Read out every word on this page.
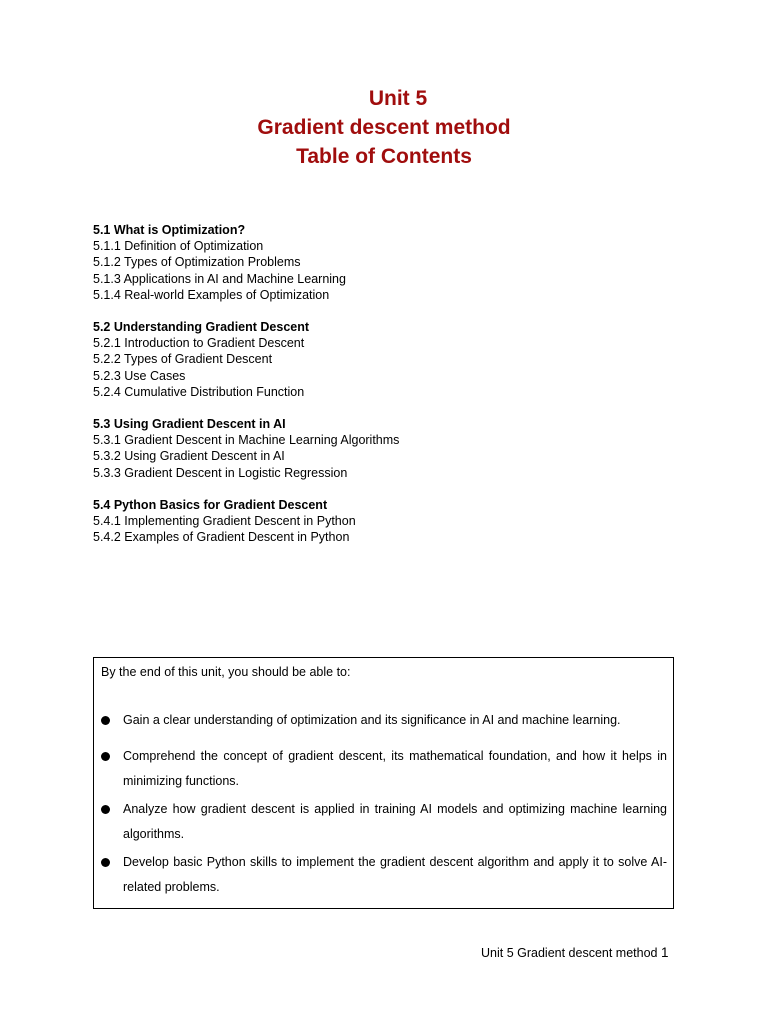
Unit 5
Gradient descent method
Table of Contents
5.1 What is Optimization?
5.1.1 Definition of Optimization
5.1.2 Types of Optimization Problems
5.1.3 Applications in AI and Machine Learning
5.1.4 Real-world Examples of Optimization
5.2 Understanding Gradient Descent
5.2.1 Introduction to Gradient Descent
5.2.2 Types of Gradient Descent
5.2.3 Use Cases
5.2.4 Cumulative Distribution Function
5.3 Using Gradient Descent in AI
5.3.1 Gradient Descent in Machine Learning Algorithms
5.3.2 Using Gradient Descent in AI
5.3.3 Gradient Descent in Logistic Regression
5.4 Python Basics for Gradient Descent
5.4.1 Implementing Gradient Descent in Python
5.4.2 Examples of Gradient Descent in Python
By the end of this unit, you should be able to:
Gain a clear understanding of optimization and its significance in AI and machine learning.
Comprehend the concept of gradient descent, its mathematical foundation, and how it helps in minimizing functions.
Analyze how gradient descent is applied in training AI models and optimizing machine learning algorithms.
Develop basic Python skills to implement the gradient descent algorithm and apply it to solve AI-related problems.
Unit 5 Gradient descent method 1
